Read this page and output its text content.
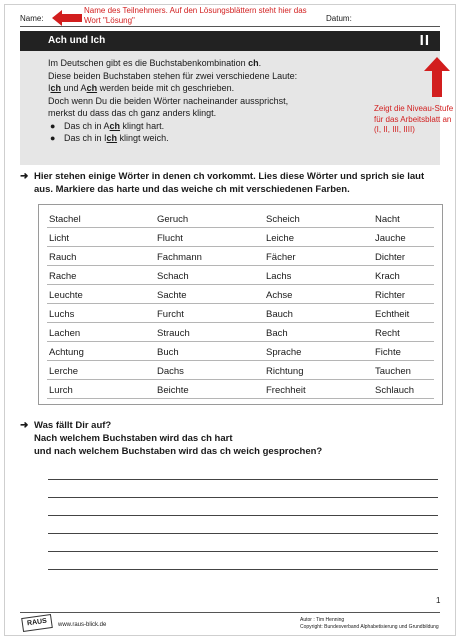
Name:
Name des Teilnehmers. Auf den Lösungsblättern steht hier das Wort "Lösung"	Datum:
Ach und Ich	II
Im Deutschen gibt es die Buchstabenkombination ch.
Diese beiden Buchstaben stehen für zwei verschiedene Laute:
Ich und Ach werden beide mit ch geschrieben.
Doch wenn Du die beiden Wörter nacheinander aussprichst,
merkst du dass das ch ganz anders klingt.
● Das ch in Ach klingt hart.
● Das ch in Ich klingt weich.
Zeigt die Niveau-Stufe für das Arbeitsblatt an (I, II, III, IIII)
➜ Hier stehen einige Wörter in denen ch vorkommt. Lies diese Wörter und sprich sie laut aus. Markiere das harte und das weiche ch mit verschiedenen Farben.
Stachel	Geruch	Scheich	Nacht
Licht	Flucht	Leiche	Jauche
Rauch	Fachmann	Fächer	Dichter
Rache	Schach	Lachs	Krach
Leuchte	Sachte	Achse	Richter
Luchs	Furcht	Bauch	Echtheit
Lachen	Strauch	Bach	Recht
Achtung	Buch	Sprache	Fichte
Lerche	Dachs	Richtung	Tauchen
Lurch	Beichte	Frechheit	Schlauch
➜ Was fällt Dir auf?
Nach welchem Buchstaben wird das ch hart
und nach welchem Buchstaben wird das ch weich gesprochen?
1
RAUS	www.raus-blick.de
Autor : Tim Henning
Copyright: Bundesverband Alphabetisierung und Grundbildung
